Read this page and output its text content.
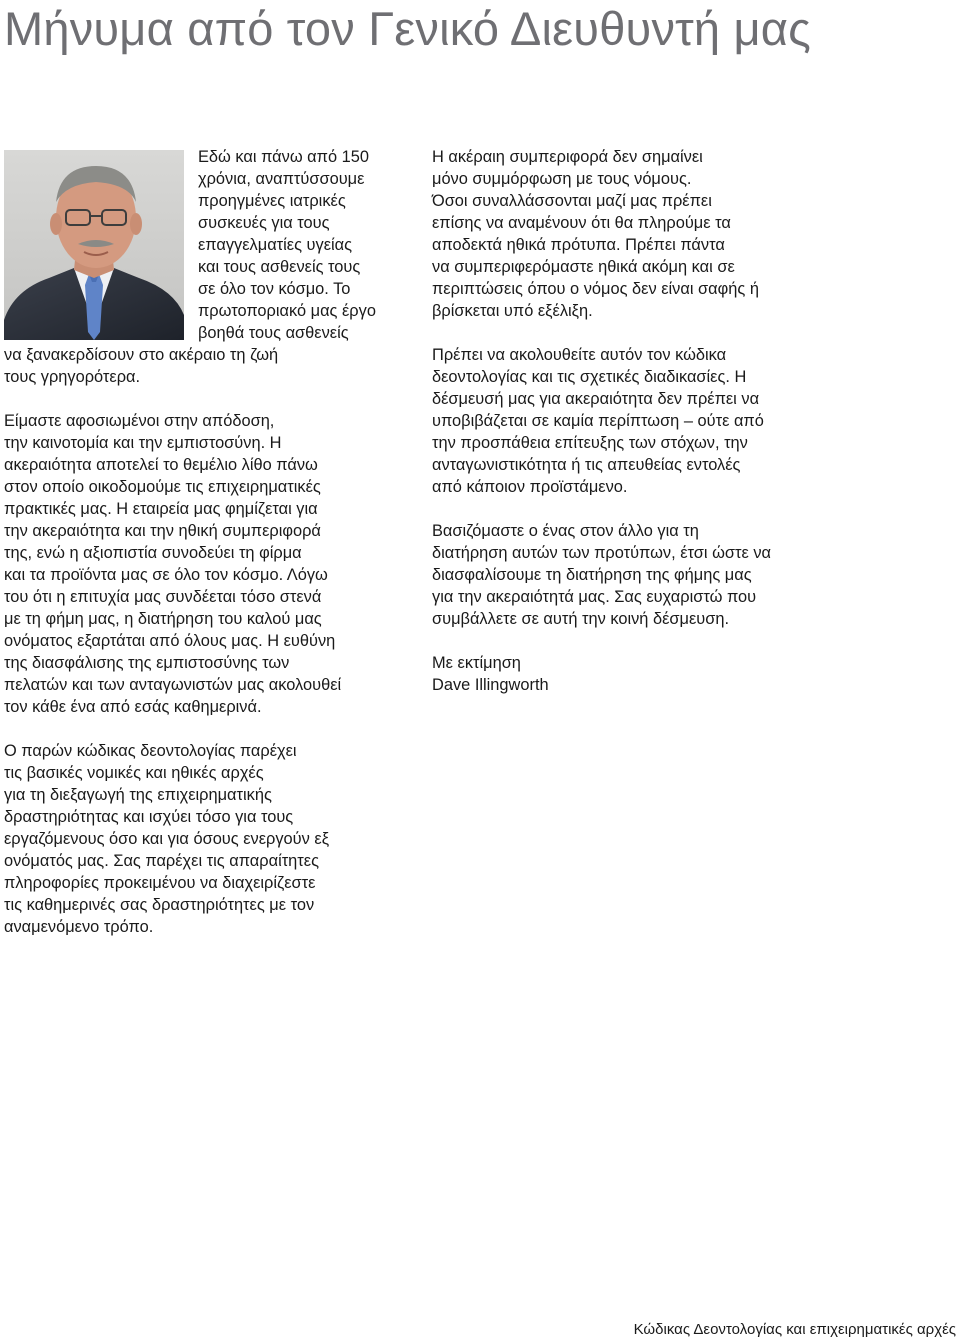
Μήνυμα από τον Γενικό Διευθυντή μας

Εδώ και πάνω από 150
χρόνια, αναπτύσσουμε
προηγμένες ιατρικές
συσκευές για τους
επαγγελματίες υγείας
και τους ασθενείς τους
σε όλο τον κόσμο. Το
πρωτοποριακό μας έργο
βοηθά τους ασθενείς
να ξανακερδίσουν στο ακέραιο τη ζωή
τους γρηγορότερα.

Είμαστε αφοσιωμένοι στην απόδοση,
την καινοτομία και την εμπιστοσύνη. Η
ακεραιότητα αποτελεί το θεμέλιο λίθο πάνω
στον οποίο οικοδομούμε τις επιχειρηματικές
πρακτικές μας. Η εταιρεία μας φημίζεται για
την ακεραιότητα και την ηθική συμπεριφορά
της, ενώ η αξιοπιστία συνοδεύει τη φίρμα
και τα προϊόντα μας σε όλο τον κόσμο. Λόγω
του ότι η επιτυχία μας συνδέεται τόσο στενά
με τη φήμη μας, η διατήρηση του καλού μας
ονόματος εξαρτάται από όλους μας. Η ευθύνη
της διασφάλισης της εμπιστοσύνης των
πελατών και των ανταγωνιστών μας ακολουθεί
τον κάθε ένα από εσάς καθημερινά.

Ο παρών κώδικας δεοντολογίας παρέχει
τις βασικές νομικές και ηθικές αρχές
για τη διεξαγωγή της επιχειρηματικής
δραστηριότητας και ισχύει τόσο για τους
εργαζόμενους όσο και για όσους ενεργούν εξ
ονόματός μας. Σας παρέχει τις απαραίτητες
πληροφορίες προκειμένου να διαχειρίζεστε
τις καθημερινές σας δραστηριότητες με τον
αναμενόμενο τρόπο.

Η ακέραιη συμπεριφορά δεν σημαίνει
μόνο συμμόρφωση με τους νόμους.
Όσοι συναλλάσσονται μαζί μας πρέπει
επίσης να αναμένουν ότι θα πληρούμε τα
αποδεκτά ηθικά πρότυπα. Πρέπει πάντα
να συμπεριφερόμαστε ηθικά ακόμη και σε
περιπτώσεις όπου ο νόμος δεν είναι σαφής ή
βρίσκεται υπό εξέλιξη.

Πρέπει να ακολουθείτε αυτόν τον κώδικα
δεοντολογίας και τις σχετικές διαδικασίες. Η
δέσμευσή μας για ακεραιότητα δεν πρέπει να
υποβιβάζεται σε καμία περίπτωση – ούτε από
την προσπάθεια επίτευξης των στόχων, την
ανταγωνιστικότητα ή τις απευθείας εντολές
από κάποιον προϊστάμενο.

Βασιζόμαστε ο ένας στον άλλο για τη
διατήρηση αυτών των προτύπων, έτσι ώστε να
διασφαλίσουμε τη διατήρηση της φήμης μας
για την ακεραιότητά μας. Σας ευχαριστώ που
συμβάλλετε σε αυτή την κοινή δέσμευση.

Με εκτίμηση
Dave Illingworth

Κώδικας Δεοντολογίας και επιχειρηματικές αρχές
